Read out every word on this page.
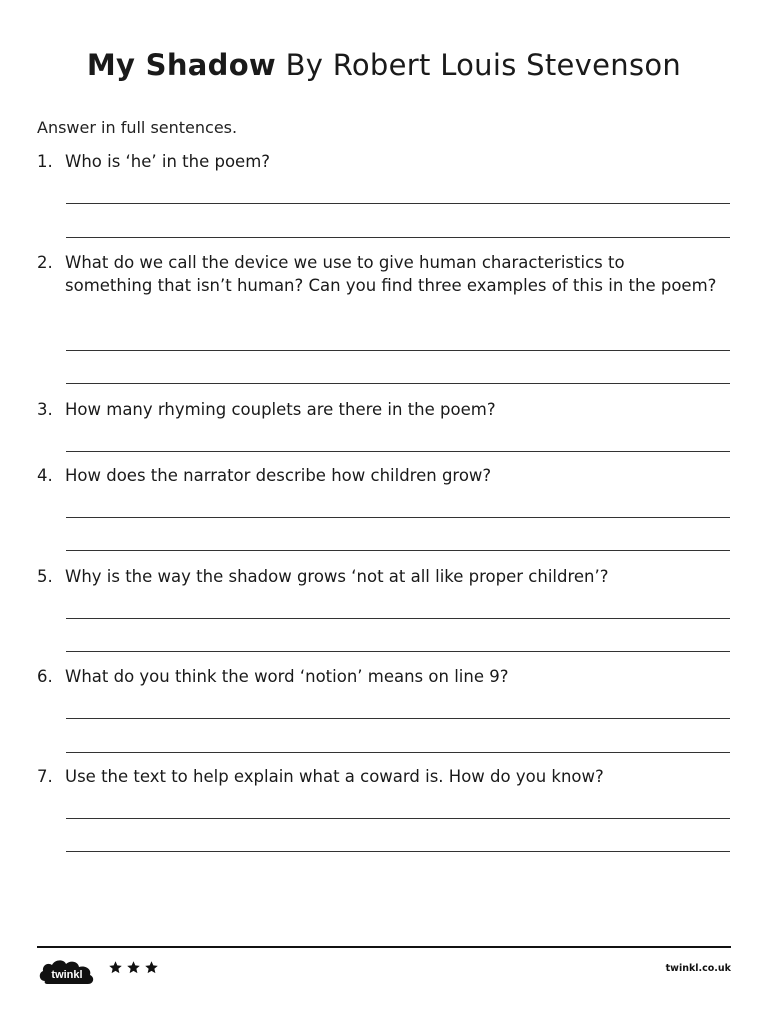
My Shadow By Robert Louis Stevenson
Answer in full sentences.
1. Who is ‘he’ in the poem?
2. What do we call the device we use to give human characteristics to something that isn’t human? Can you find three examples of this in the poem?
3. How many rhyming couplets are there in the poem?
4. How does the narrator describe how children grow?
5. Why is the way the shadow grows ‘not at all like proper children’?
6. What do you think the word ‘notion’ means on line 9?
7. Use the text to help explain what a coward is. How do you know?
twinkl
twinkl.co.uk
